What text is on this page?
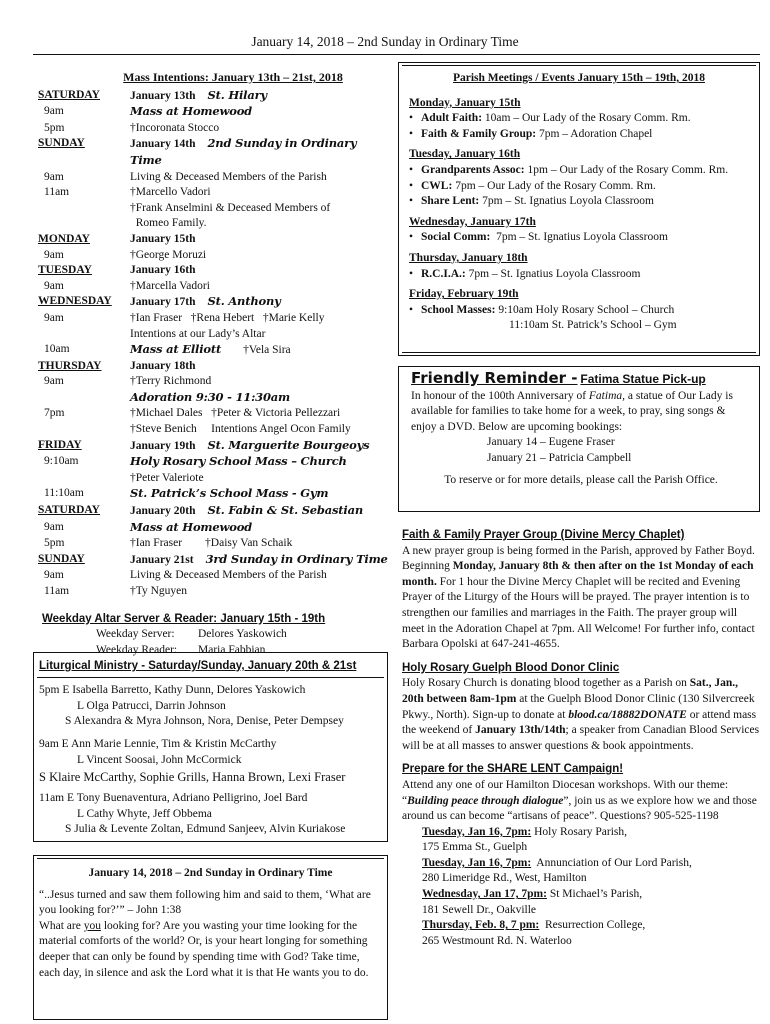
January 14, 2018 – 2nd Sunday in Ordinary Time
Mass Intentions: January 13th – 21st, 2018
SATURDAY	January 13th St. Hilary
9am	Mass at Homewood
5pm	†Incoronata Stocco
SUNDAY	January 14th 2nd Sunday in Ordinary Time
9am	Living & Deceased Members of the Parish
11am	†Marcello Vadori
†Frank Anselmini & Deceased Members of
Romeo Family.
MONDAY	January 15th
9am	†George Moruzi
TUESDAY	January 16th
9am	†Marcella Vadori
WEDNESDAY	January 17th St. Anthony
9am	†Ian Fraser   †Rena Hebert   †Marie Kelly
Intentions at our Lady’s Altar
10am	Mass at Elliott †Vela Sira
THURSDAY	January 18th
9am	†Terry Richmond
Adoration 9:30 - 11:30am
7pm	†Michael Dales   †Peter & Victoria Pellezzari
†Steve Benich     Intentions Angel Ocon Family
FRIDAY	January 19th St. Marguerite Bourgeoys
9:10am	Holy Rosary School Mass – Church
†Peter Valeriote
11:10am	St. Patrick’s School Mass - Gym
SATURDAY	January 20th St. Fabin & St. Sebastian
9am	Mass at Homewood
5pm	†Ian Fraser        †Daisy Van Schaik
SUNDAY	January 21st 3rd Sunday in Ordinary Time
9am	Living & Deceased Members of the Parish
11am	†Ty Nguyen
Weekday Altar Server & Reader: January 15th - 19th
Weekday Server:	Delores Yaskowich
Weekday Reader:	Maria Fabbian
Liturgical Ministry - Saturday/Sunday, January 20th & 21st
5pm E Isabella Barretto, Kathy Dunn, Delores Yaskowich
L Olga Patrucci, Darrin Johnson
S Alexandra & Myra Johnson, Nora, Denise, Peter Dempsey
9am E Ann Marie Lennie, Tim & Kristin McCarthy
L Vincent Soosai, John McCormick
S Klaire McCarthy, Sophie Grills, Hanna Brown, Lexi Fraser
11am E Tony Buenaventura, Adriano Pelligrino, Joel Bard
L Cathy Whyte, Jeff Obbema
S Julia & Levente Zoltan, Edmund Sanjeev, Alvin Kuriakose
January 14, 2018 – 2nd Sunday in Ordinary Time

“..Jesus turned and saw them following him and said to them, ‘What are you looking for?’” – John 1:38

What are you looking for? Are you wasting your time looking for the material comforts of the world? Or, is your heart longing for something deeper that can only be found by spending time with God? Take time, each day, in silence and ask the Lord what it is that He wants you to do.

Parish Meetings / Events January 15th – 19th, 2018
Monday, January 15th
• Adult Faith: 10am – Our Lady of the Rosary Comm. Rm.
• Faith & Family Group: 7pm – Adoration Chapel
Tuesday, January 16th
• Grandparents Assoc: 1pm – Our Lady of the Rosary Comm. Rm.
• CWL: 7pm – Our Lady of the Rosary Comm. Rm.
• Share Lent: 7pm – St. Ignatius Loyola Classroom
Wednesday, January 17th
• Social Comm:  7pm – St. Ignatius Loyola Classroom
Thursday, January 18th
• R.C.I.A.: 7pm – St. Ignatius Loyola Classroom
Friday, February 19th
• School Masses: 9:10am Holy Rosary School – Church
11:10am St. Patrick’s School – Gym
Friendly Reminder - Fatima Statue Pick-up

In honour of the 100th Anniversary of Fatima, a statue of Our Lady is available for families to take home for a week, to pray, sing songs & enjoy a DVD. Below are upcoming bookings:

January 14 – Eugene Fraser

January 21 – Patricia Campbell

To reserve or for more details, please call the Parish Office.

Faith & Family Prayer Group (Divine Mercy Chaplet)

A new prayer group is being formed in the Parish, approved by Father Boyd. Beginning Monday, January 8th & then after on the 1st Monday of each month. For 1 hour the Divine Mercy Chaplet will be recited and Evening Prayer of the Liturgy of the Hours will be prayed. The prayer intention is to strengthen our families and marriages in the Faith. The prayer group will meet in the Adoration Chapel at 7pm. All Welcome! For further info, contact Barbara Opolski at 647-241-4655.

Holy Rosary Guelph Blood Donor Clinic

Holy Rosary Church is donating blood together as a Parish on Sat., Jan., 20th between 8am-1pm at the Guelph Blood Donor Clinic (130 Silvercreek Pkwy., North). Sign-up to donate at blood.ca/18882DONATE or attend mass the weekend of January 13th/14th; a speaker from Canadian Blood Services will be at all masses to answer questions & book appointments.

Prepare for the SHARE LENT Campaign!

Attend any one of our Hamilton Diocesan workshops. With our theme: “Building peace through dialogue”, join us as we explore how we and those around us can become “artisans of peace”. Questions? 905-525-1198

Tuesday, Jan 16, 7pm: Holy Rosary Parish,
175 Emma St., Guelph
Tuesday, Jan 16, 7pm:  Annunciation of Our Lord Parish,
280 Limeridge Rd., West, Hamilton
Wednesday, Jan 17, 7pm: St Michael’s Parish,
181 Sewell Dr., Oakville
Thursday, Feb. 8, 7 pm:  Resurrection College,
265 Westmount Rd. N. Waterloo
